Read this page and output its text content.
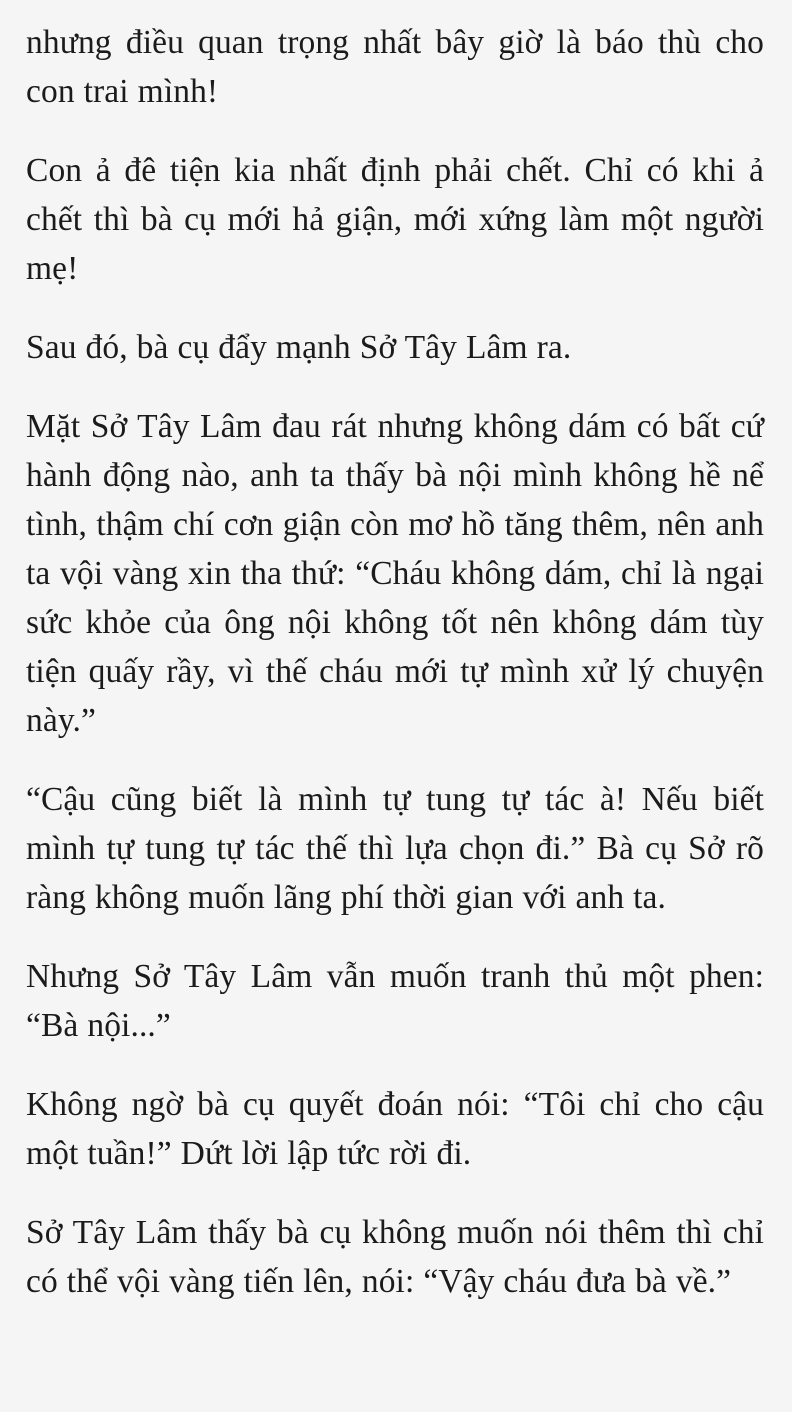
nhưng điều quan trọng nhất bây giờ là báo thù cho con trai mình!

Con ả đê tiện kia nhất định phải chết. Chỉ có khi ả chết thì bà cụ mới hả giận, mới xứng làm một người mẹ!

Sau đó, bà cụ đẩy mạnh Sở Tây Lâm ra.

Mặt Sở Tây Lâm đau rát nhưng không dám có bất cứ hành động nào, anh ta thấy bà nội mình không hề nể tình, thậm chí cơn giận còn mơ hồ tăng thêm, nên anh ta vội vàng xin tha thứ: “Cháu không dám, chỉ là ngại sức khỏe của ông nội không tốt nên không dám tùy tiện quấy rầy, vì thế cháu mới tự mình xử lý chuyện này.”

“Cậu cũng biết là mình tự tung tự tác à! Nếu biết mình tự tung tự tác thế thì lựa chọn đi.” Bà cụ Sở rõ ràng không muốn lãng phí thời gian với anh ta.

Nhưng Sở Tây Lâm vẫn muốn tranh thủ một phen: “Bà nội...”

Không ngờ bà cụ quyết đoán nói: “Tôi chỉ cho cậu một tuần!” Dứt lời lập tức rời đi.

Sở Tây Lâm thấy bà cụ không muốn nói thêm thì chỉ có thể vội vàng tiến lên, nói: “Vậy cháu đưa bà về.”
